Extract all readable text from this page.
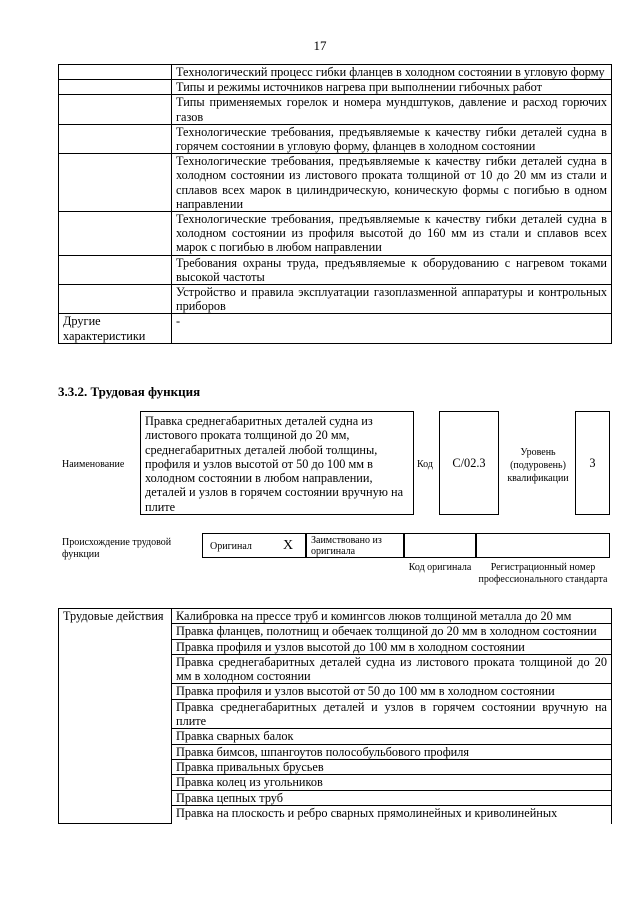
17
	Технологический процесс гибки фланцев в холодном состоянии в угловую форму
	Типы и режимы источников нагрева при выполнении гибочных работ
	Типы применяемых горелок и номера мундштуков, давление и расход горючих газов
	Технологические требования, предъявляемые к качеству гибки деталей судна в горячем состоянии в угловую форму, фланцев в холодном состоянии
	Технологические требования, предъявляемые к качеству гибки деталей судна в холодном состоянии из листового проката толщиной от 10 до 20 мм из стали и сплавов всех марок в цилиндрическую, коническую формы с погибью в одном направлении
	Технологические требования, предъявляемые к качеству гибки деталей судна в холодном состоянии из профиля высотой до 160 мм из стали и сплавов всех марок с погибью в любом направлении
	Требования охраны труда, предъявляемые к оборудованию с нагревом токами высокой частоты
	Устройство и правила эксплуатации газоплазменной аппаратуры и контрольных приборов
Другие характеристики	-
3.3.2. Трудовая функция
Наименование
Правка среднегабаритных деталей судна из листового проката толщиной до 20 мм, среднегабаритных деталей любой толщины, профиля и узлов высотой от 50 до 100 мм в холодном состоянии в любом направлении, деталей и узлов в горячем состоянии вручную на плите
Код C/02.3
Уровень (подуровень) квалификации
3
Происхождение трудовой функции
Оригинал X	Заимствовано из оригинала
Код оригинала	Регистрационный номер профессионального стандарта
Трудовые действия	Калибровка на прессе труб и комингсов люков толщиной металла до 20 мм
Правка фланцев, полотнищ и обечаек толщиной до 20 мм в холодном состоянии
Правка профиля и узлов высотой до 100 мм в холодном состоянии
Правка среднегабаритных деталей судна из листового проката толщиной до 20 мм в холодном состоянии
Правка профиля и узлов высотой от 50 до 100 мм в холодном состоянии
Правка среднегабаритных деталей и узлов в горячем состоянии вручную на плите
Правка сварных балок
Правка бимсов, шпангоутов полособульбового профиля
Правка привальных брусьев
Правка колец из угольников
Правка цепных труб
Правка на плоскость и ребро сварных прямолинейных и криволинейных
